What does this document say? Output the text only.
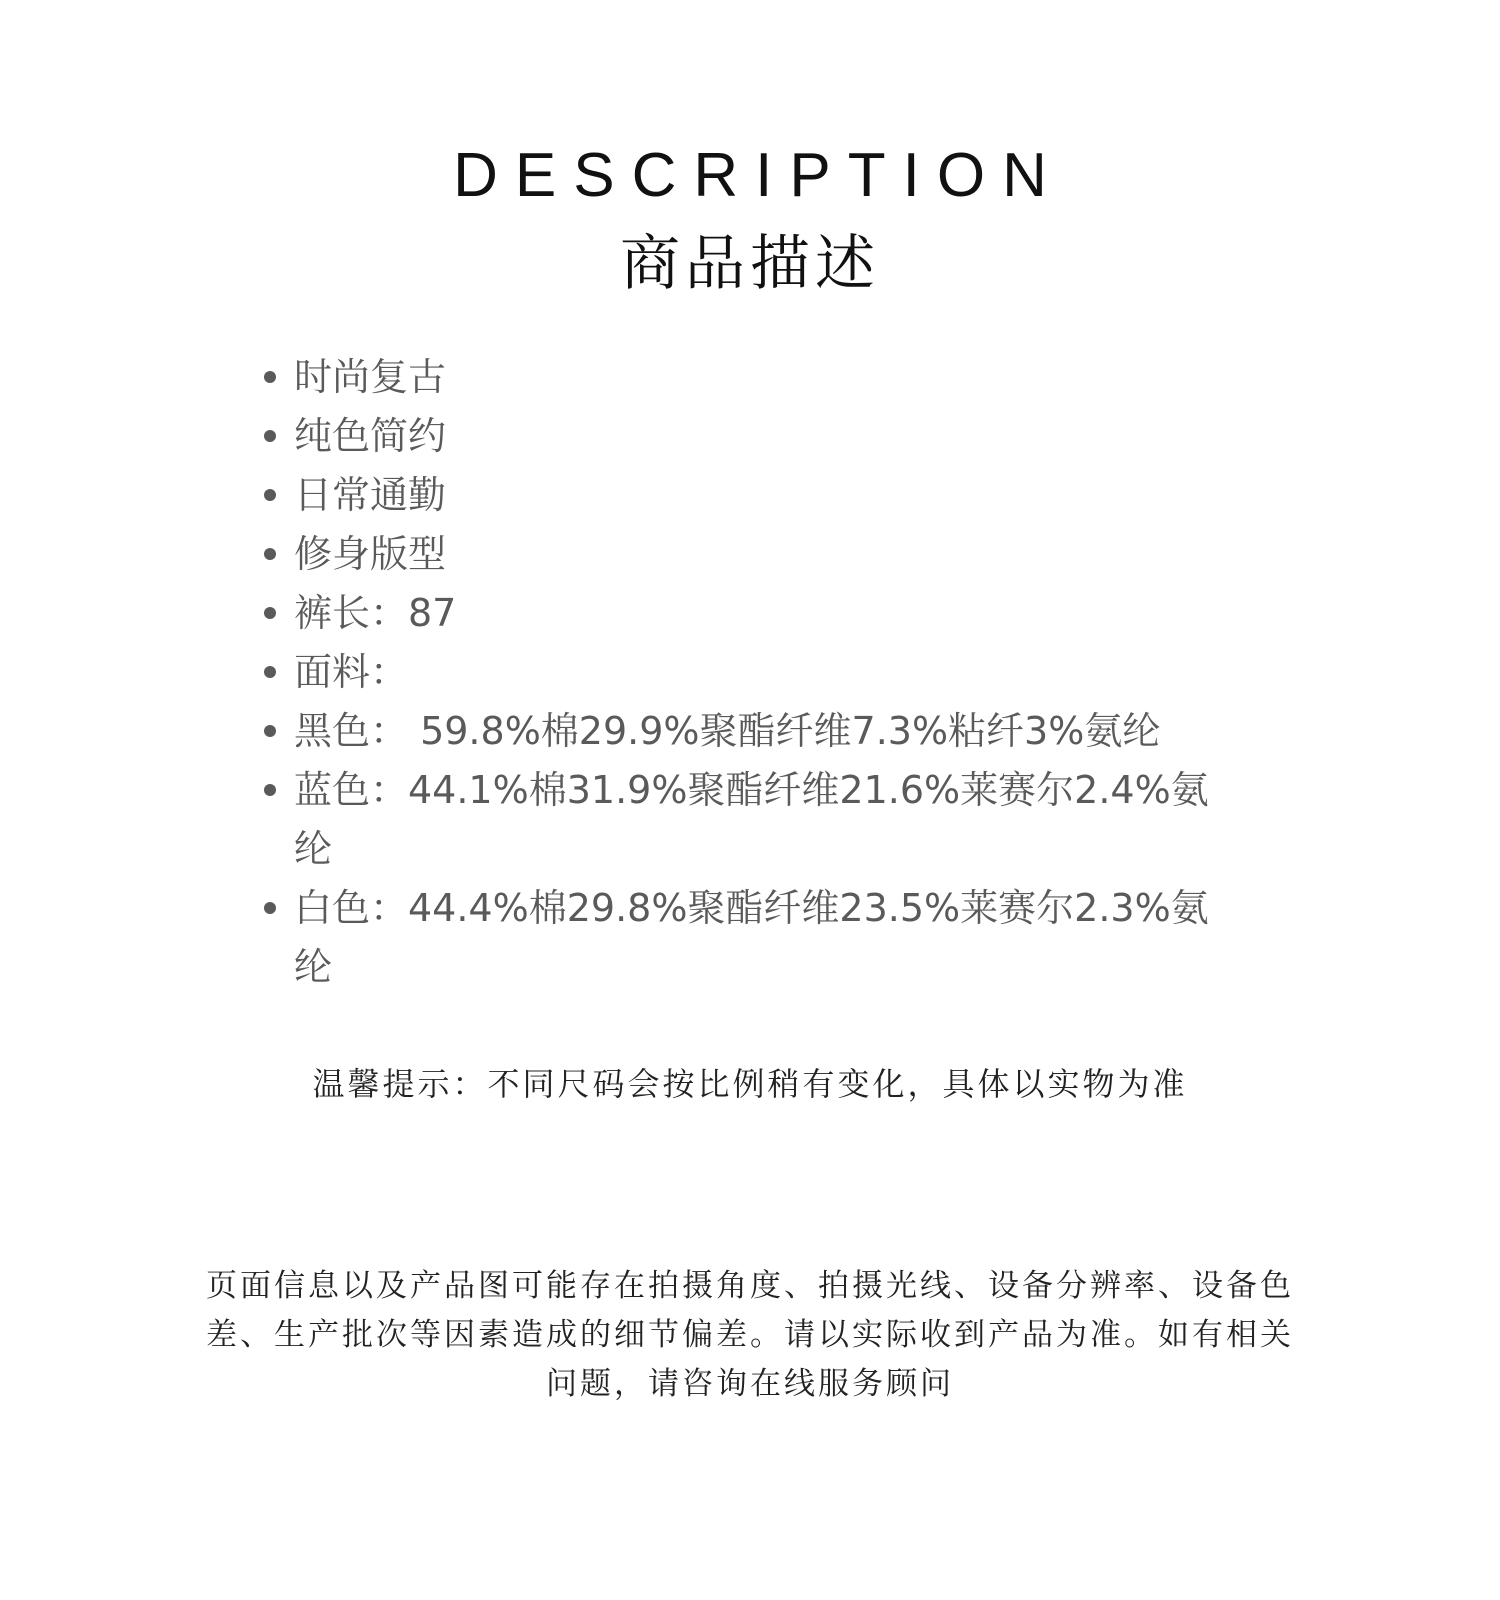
DESCRIPTION
商品描述
时尚复古
纯色简约
日常通勤
修身版型
裤长：87
面料：
黑色： 59.8%棉29.9%聚酯纤维7.3%粘纤3%氨纶
蓝色：44.1%棉31.9%聚酯纤维21.6%莱赛尔2.4%氨纶
白色：44.4%棉29.8%聚酯纤维23.5%莱赛尔2.3%氨纶
温馨提示：不同尺码会按比例稍有变化，具体以实物为准
页面信息以及产品图可能存在拍摄角度、拍摄光线、设备分辨率、设备色差、生产批次等因素造成的细节偏差。请以实际收到产品为准。如有相关问题，请咨询在线服务顾问
